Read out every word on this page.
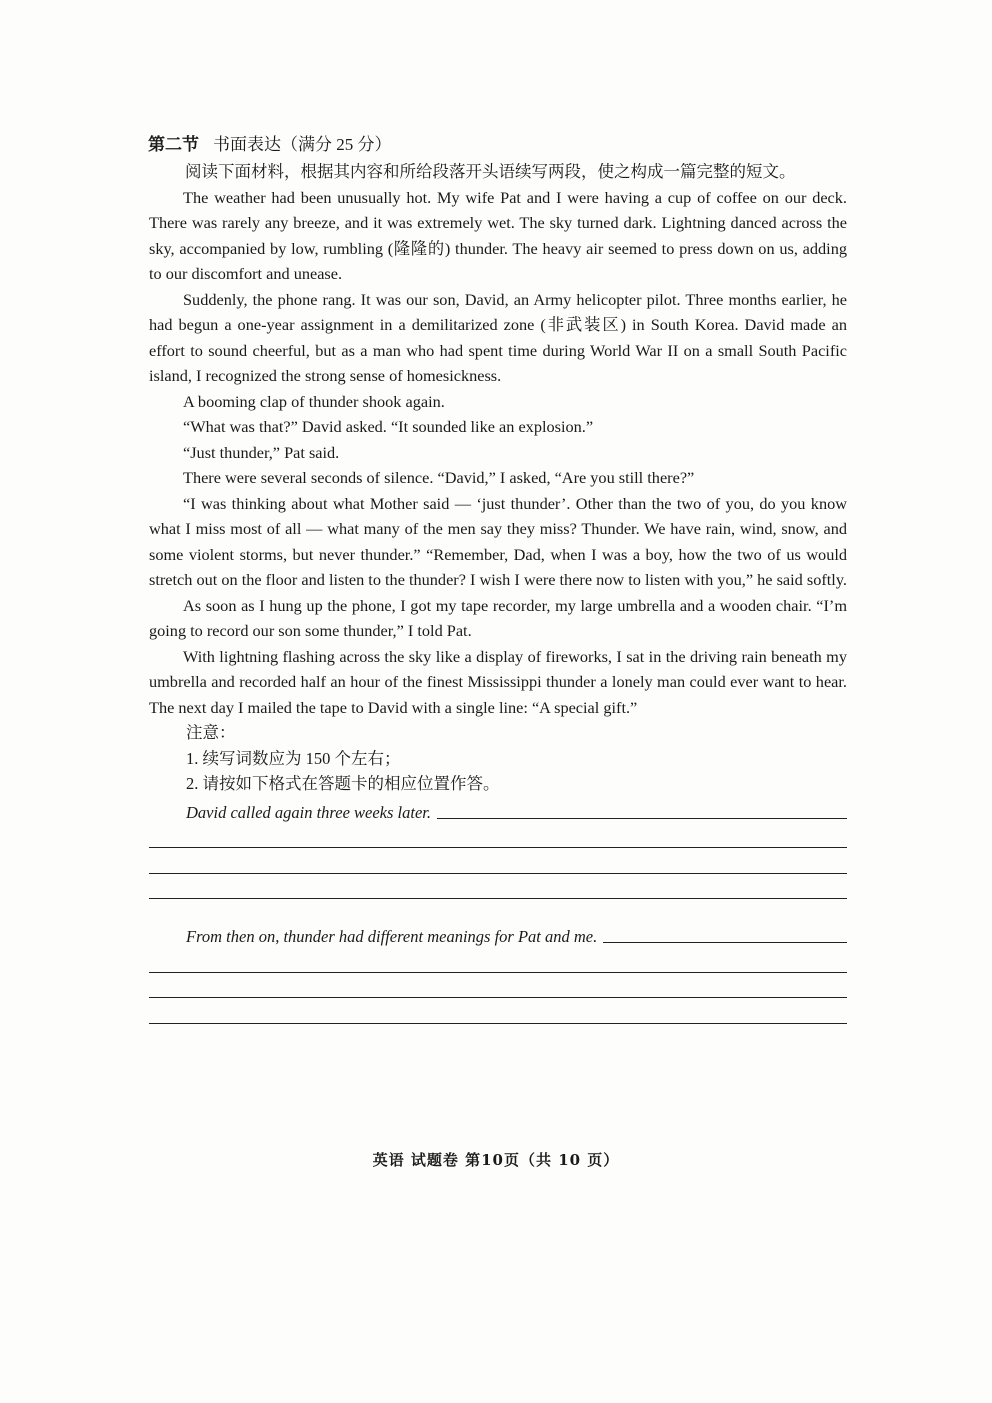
第二节 书面表达（满分 25 分）

阅读下面材料，根据其内容和所给段落开头语续写两段，使之构成一篇完整的短文。

The weather had been unusually hot. My wife Pat and I were having a cup of coffee on our deck. There was rarely any breeze, and it was extremely wet. The sky turned dark. Lightning danced across the sky, accompanied by low, rumbling (隆隆的) thunder. The heavy air seemed to press down on us, adding to our discomfort and unease.

Suddenly, the phone rang. It was our son, David, an Army helicopter pilot. Three months earlier, he had begun a one-year assignment in a demilitarized zone (非武装区) in South Korea. David made an effort to sound cheerful, but as a man who had spent time during World War II on a small South Pacific island, I recognized the strong sense of homesickness.

A booming clap of thunder shook again.

“What was that?” David asked. “It sounded like an explosion.”

“Just thunder,” Pat said.

There were several seconds of silence. “David,” I asked, “Are you still there?”

“I was thinking about what Mother said — ‘just thunder’. Other than the two of you, do you know what I miss most of all — what many of the men say they miss? Thunder. We have rain, wind, snow, and some violent storms, but never thunder.” “Remember, Dad, when I was a boy, how the two of us would stretch out on the floor and listen to the thunder? I wish I were there now to listen with you,” he said softly.

As soon as I hung up the phone, I got my tape recorder, my large umbrella and a wooden chair. “I’m going to record our son some thunder,” I told Pat.

With lightning flashing across the sky like a display of fireworks, I sat in the driving rain beneath my umbrella and recorded half an hour of the finest Mississippi thunder a lonely man could ever want to hear. The next day I mailed the tape to David with a single line: “A special gift.”

注意：

1. 续写词数应为 150 个左右；

2. 请按如下格式在答题卡的相应位置作答。

David called again three weeks later.
From then on, thunder had different meanings for Pat and me.
英语 试题卷 第10页（共 10 页）
